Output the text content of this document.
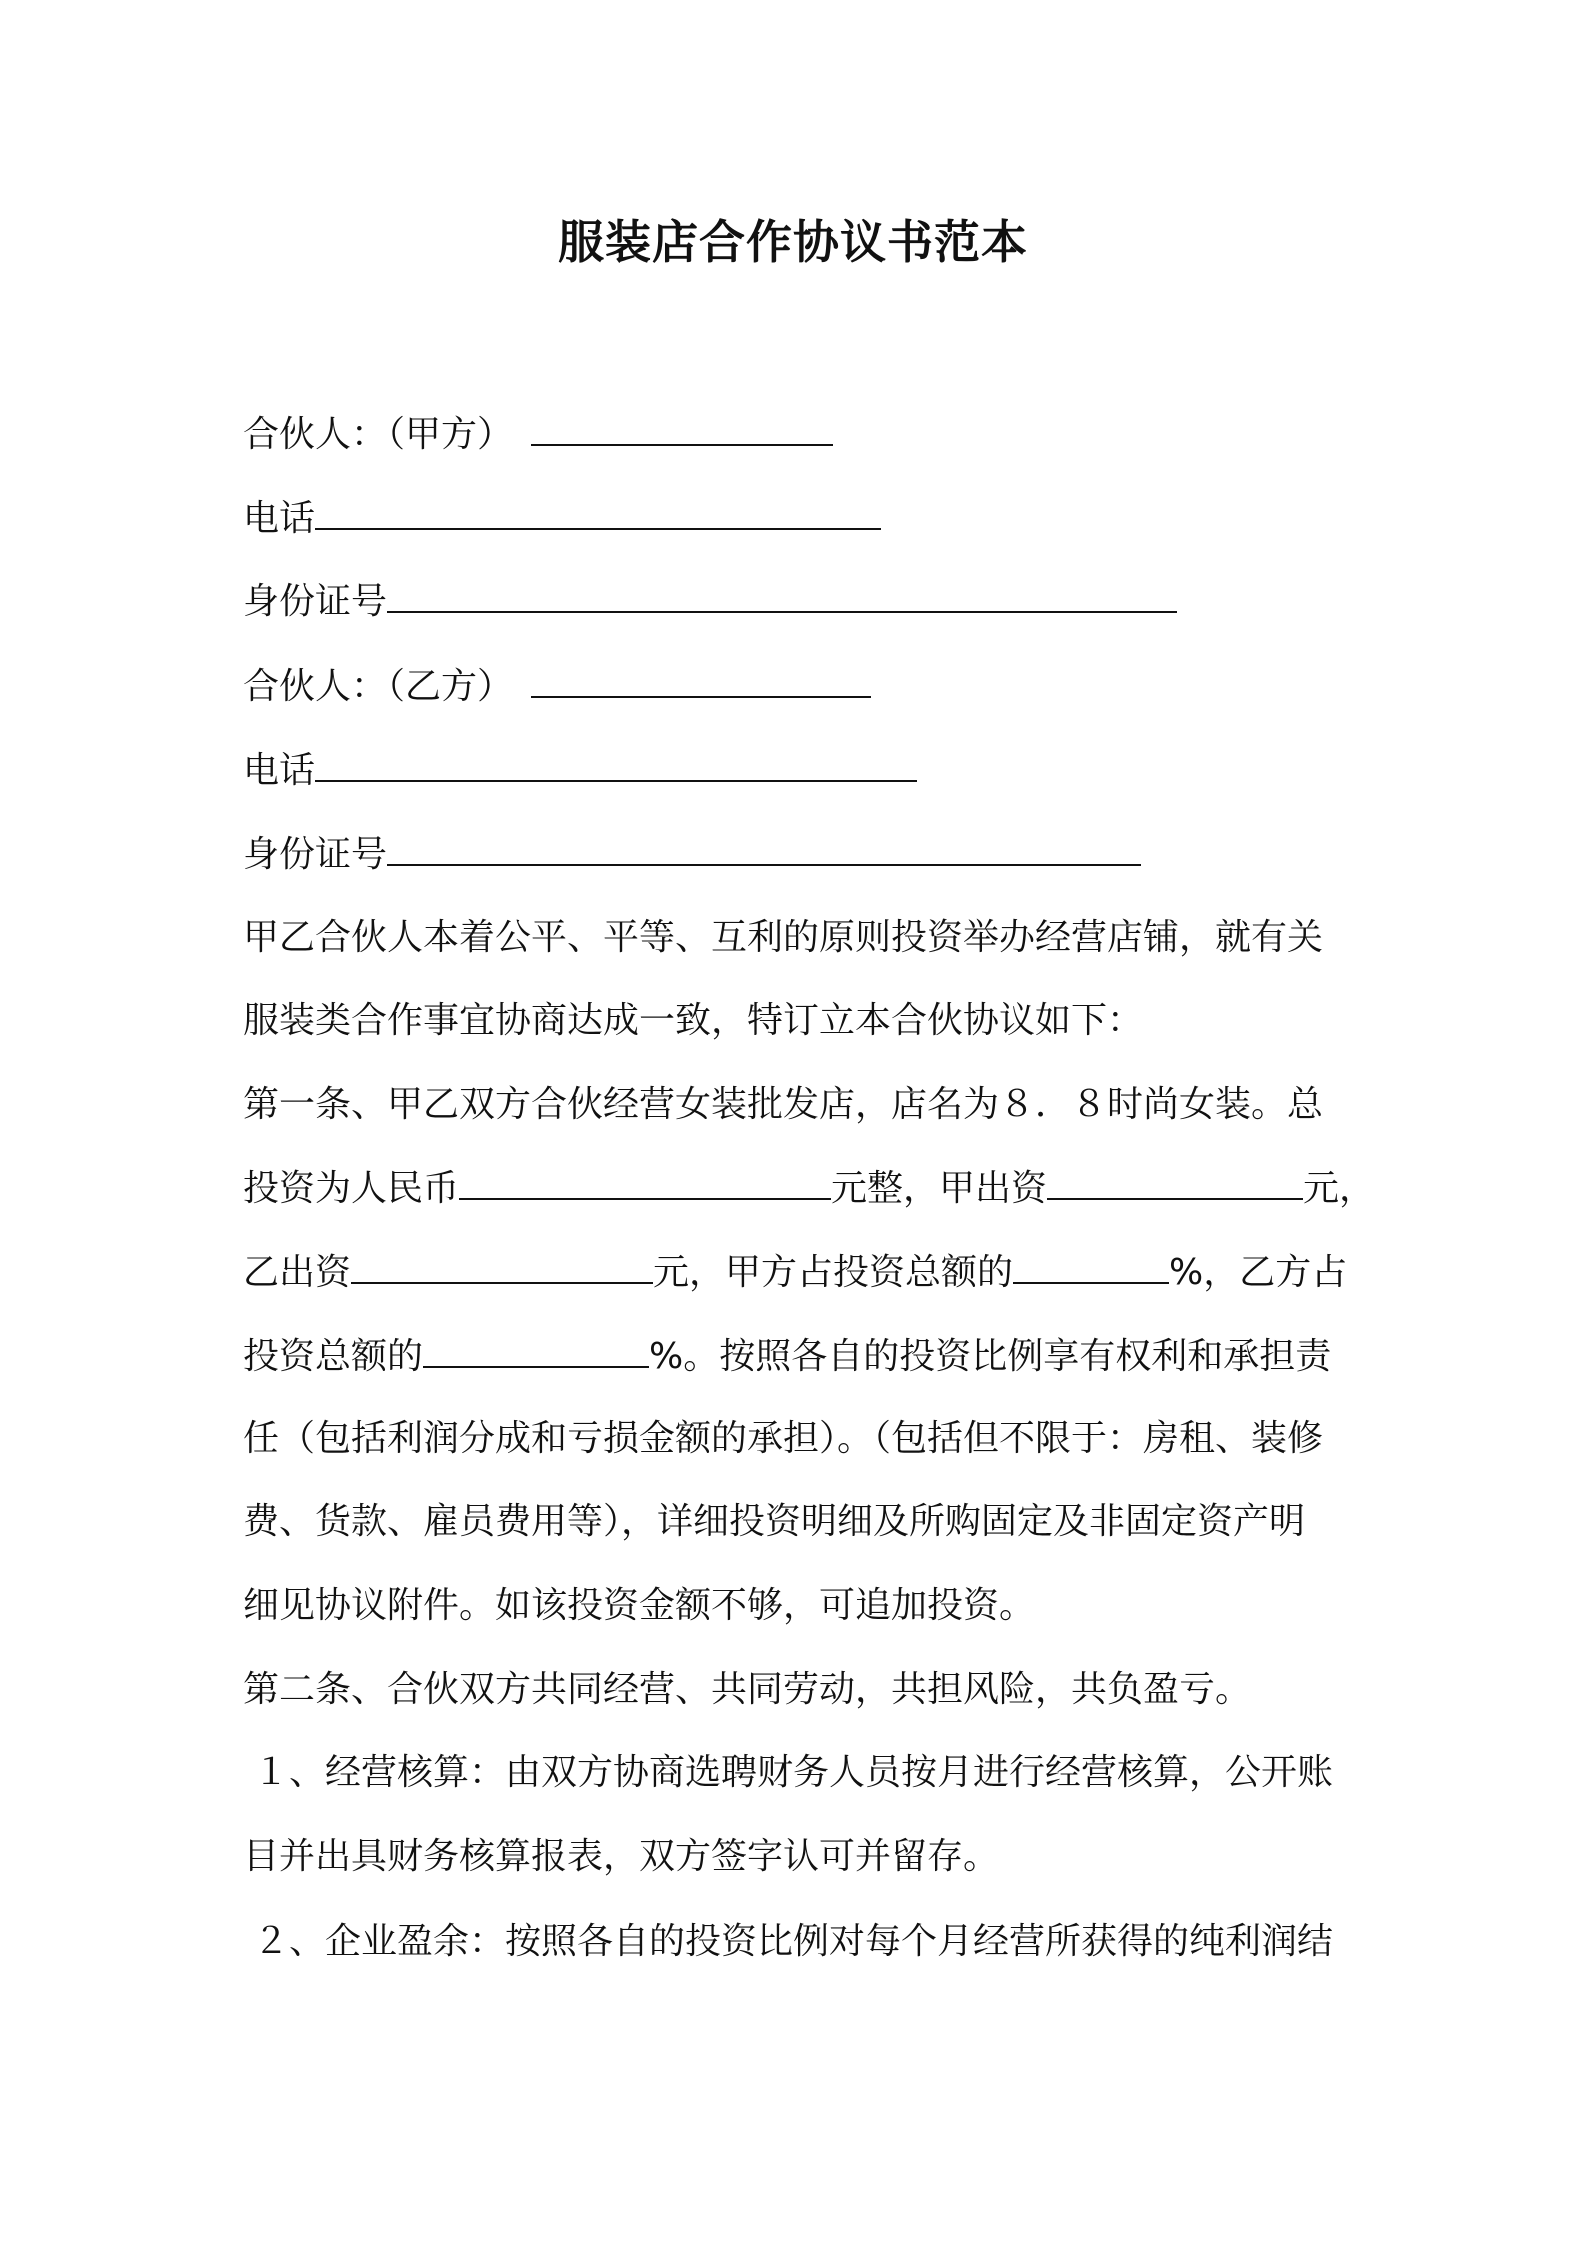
服装店合作协议书范本
合伙人：（甲方）
电话
身份证号
合伙人：（乙方）
电话
身份证号
甲乙合伙人本着公平、平等、互利的原则投资举办经营店铺，就有关
服装类合作事宜协商达成一致，特订立本合伙协议如下：
第一条、甲乙双方合伙经营女装批发店，店名为８．８时尚女装。总
投资为人民币	元整，甲出资	元，
乙出资	元，甲方占投资总额的	%，乙方占
投资总额的	%。按照各自的投资比例享有权利和承担责
任（包括利润分成和亏损金额的承担）。（包括但不限于：房租、装修
费、货款、雇员费用等），详细投资明细及所购固定及非固定资产明
细见协议附件。如该投资金额不够，可追加投资。
第二条、合伙双方共同经营、共同劳动，共担风险，共负盈亏。
１、经营核算：由双方协商选聘财务人员按月进行经营核算，公开账
目并出具财务核算报表，双方签字认可并留存。
２、企业盈余：按照各自的投资比例对每个月经营所获得的纯利润结
